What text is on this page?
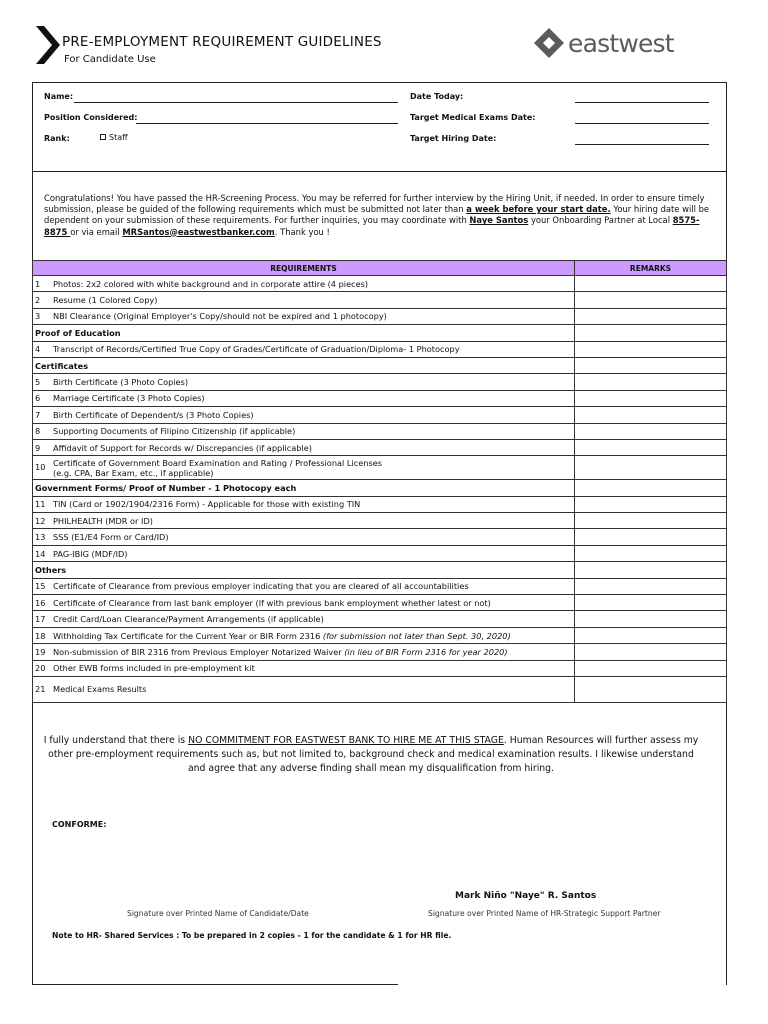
PRE-EMPLOYMENT REQUIREMENT GUIDELINES
For Candidate Use
eastwest
Name:
Position Considered:
Rank:	Staff
Date Today:
Target Medical Exams Date:
Target Hiring Date:
Congratulations! You have passed the HR-Screening Process. You may be referred for further interview by the Hiring Unit, if needed. In order to ensure timely submission, please be guided of the following requirements which must be submitted not later than a week before your start date. Your hiring date will be dependent on your submission of these requirements. For further inquiries, you may coordinate with Naye Santos your Onboarding Partner at Local 8575-8875 or via email MRSantos@eastwestbanker.com. Thank you !
REQUIREMENTS	REMARKS
1 Photos: 2x2 colored with white background and in corporate attire (4 pieces)	
2 Resume (1 Colored Copy)	
3 NBI Clearance (Original Employer's Copy/should not be expired and 1 photocopy)	
Proof of Education	
4 Transcript of Records/Certified True Copy of Grades/Certificate of Graduation/Diploma- 1 Photocopy	
Certificates	
5 Birth Certificate (3 Photo Copies)	
6 Marriage Certificate (3 Photo Copies)	
7 Birth Certificate of Dependent/s (3 Photo Copies)	
8 Supporting Documents of Filipino Citizenship (if applicable)	
9 Affidavit of Support for Records w/ Discrepancies (if applicable)	
10 Certificate of Government Board Examination and Rating / Professional Licenses
(e.g. CPA, Bar Exam, etc., if applicable)	
Government Forms/ Proof of Number - 1 Photocopy each	
11 TIN (Card or 1902/1904/2316 Form) - Applicable for those with existing TIN	
12 PHILHEALTH (MDR or ID)	
13 SSS (E1/E4 Form or Card/ID)	
14 PAG-IBIG (MDF/ID)	
Others	
15 Certificate of Clearance from previous employer indicating that you are cleared of all accountabilities	
16 Certificate of Clearance from last bank employer (If with previous bank employment whether latest or not)	
17 Credit Card/Loan Clearance/Payment Arrangements (if applicable)	
18 Withholding Tax Certificate for the Current Year or BIR Form 2316 (for submission not later than Sept. 30, 2020)	
19 Non-submission of BIR 2316 from Previous Employer Notarized Waiver (in lieu of BIR Form 2316 for year 2020)	
20 Other EWB forms included in pre-employment kit	
21 Medical Exams Results	
I fully understand that there is NO COMMITMENT FOR EASTWEST BANK TO HIRE ME AT THIS STAGE. Human Resources will further assess my other pre-employment requirements such as, but not limited to, background check and medical examination results. I likewise understand and agree that any adverse finding shall mean my disqualification from hiring.
CONFORME:
Mark Niño "Naye" R. Santos
Signature over Printed Name of Candidate/Date	Signature over Printed Name of HR-Strategic Support Partner
Note to HR- Shared Services : To be prepared in 2 copies - 1 for the candidate & 1 for HR file.
